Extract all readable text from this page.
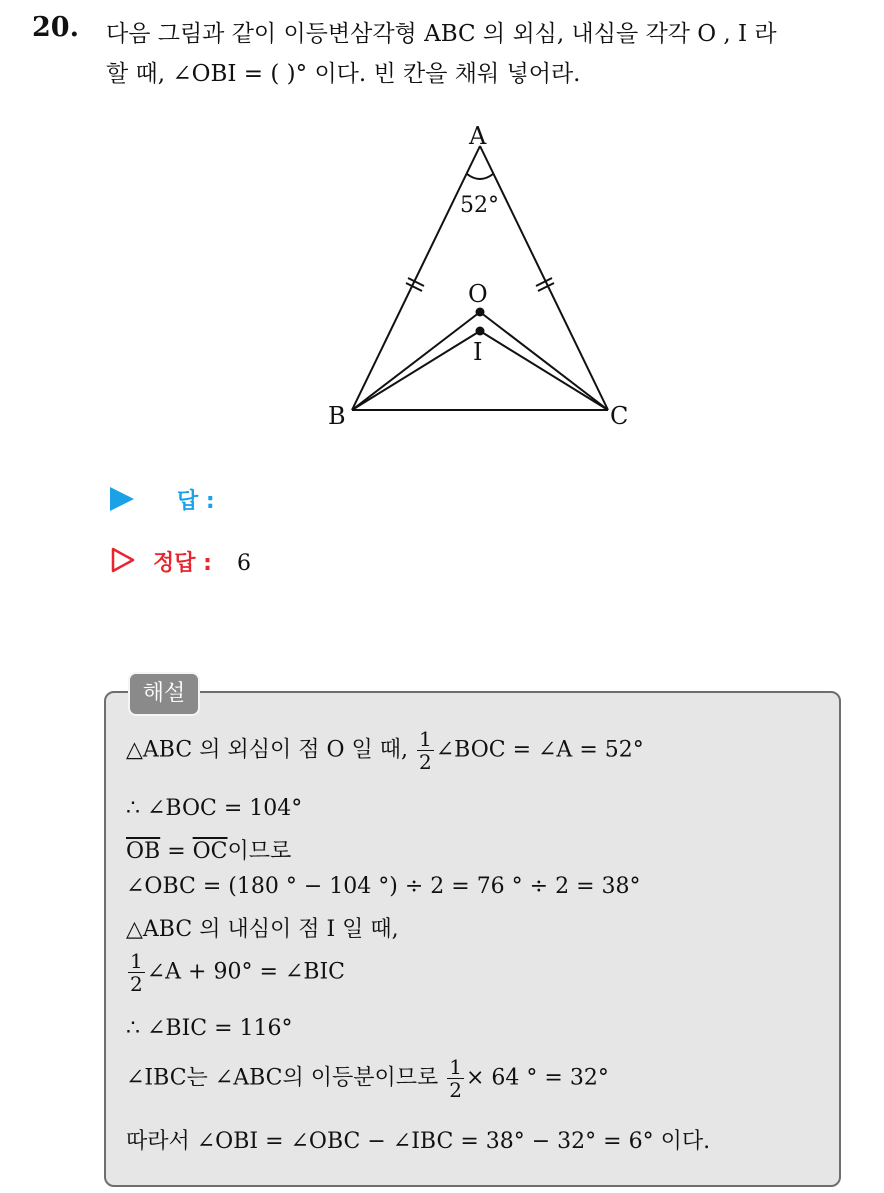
20. 다음 그림과 같이 이등변삼각형 ABC 의 외심, 내심을 각각 O , I 라
할 때, ∠OBI = ( )° 이다. 빈 칸을 채워 넣어라.
A
B	C
O
I
52°
답 :
정답 : 6
해설
△ABC 의 외심이 점 O 일 때, $\frac{1}{2}$ ∠BOC = ∠A = 52°
∴ ∠BOC = 104°
$\overline{OB} = \overline{OC}$이므로
∠OBC = (180 ° − 104 °) ÷ 2 = 76 ° ÷ 2 = 38°
△ABC 의 내심이 점 I 일 때,
$\frac{1}{2}$ ∠A + 90° = ∠BIC
∴ ∠BIC = 116°
∠IBC는 ∠ABC의 이등분이므로 $\frac{1}{2} \times 64$ ° = 32°
따라서 ∠OBI = ∠OBC − ∠IBC = 38° − 32° = 6° 이다.
